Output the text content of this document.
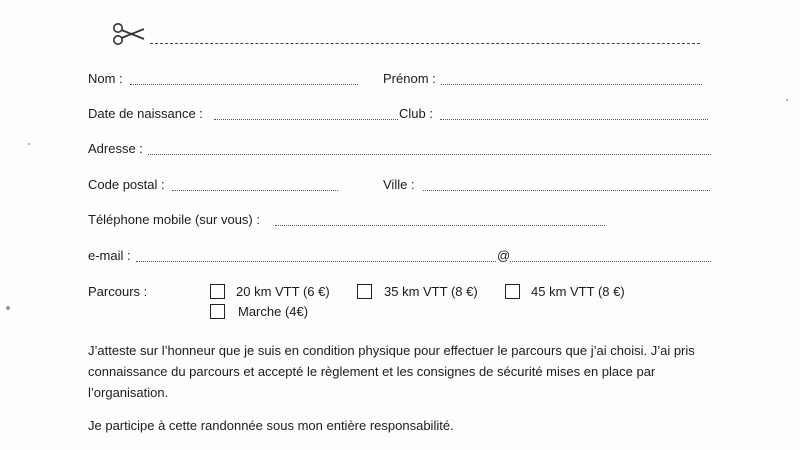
Nom :	Prénom :
Date de naissance :	Club :
Adresse :
Code postal :	Ville :
Téléphone mobile (sur vous) :
e-mail :	@
Parcours :	20 km VTT (6 €)	35 km VTT (8 €)	45 km VTT (8 €)
Marche (4€)
J’atteste sur l’honneur que je suis en condition physique pour effectuer le parcours que j’ai choisi. J’ai pris connaissance du parcours et accepté le règlement et les consignes de sécurité mises en place par l’organisation.
Je participe à cette randonnée sous mon entière responsabilité.
